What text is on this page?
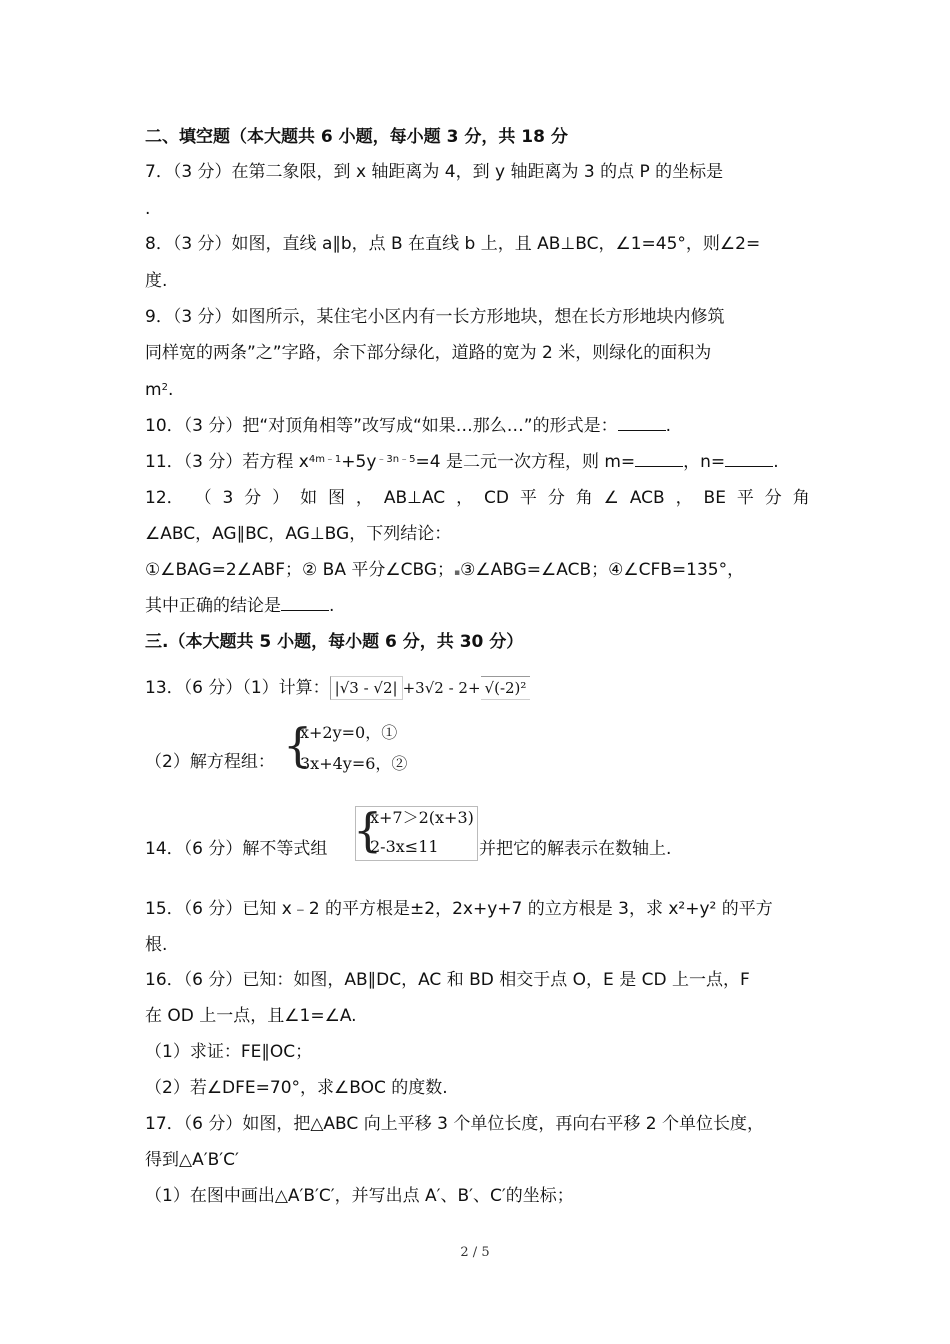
二、填空题（本大题共 6 小题，每小题 3 分，共 18 分
7．（3 分）在第二象限，到 x 轴距离为 4，到 y 轴距离为 3 的点 P 的坐标是
.
8．（3 分）如图，直线 a∥b，点 B 在直线 b 上，且 AB⊥BC，∠1=45°，则∠2=
度.
9．（3 分）如图所示，某住宅小区内有一长方形地块，想在长方形地块内修筑
同样宽的两条”之”字路，余下部分绿化，道路的宽为 2 米，则绿化的面积为
$m^2$.
10．（3 分）把“对顶角相等”改写成“如果…那么…”的形式是：	.
11．（3 分）若方程 $x^{4m﹣1}+5y^{﹣3n﹣5}=4$ 是二元一次方程，则 m=	，n=	.
12． （ 3 分 ） 如 图 ， AB⊥AC ， CD 平 分 角 ∠ ACB ， BE 平 分 角
∠ABC，AG∥BC，AG⊥BG，下列结论：
①∠BAG=2∠ABF；② BA 平分∠CBG；▪③∠ABG=∠ACB；④∠CFB=135°，
其中正确的结论是	.
三.（本大题共 5 小题，每小题 6 分，共 30 分）
13．（6 分）（1）计算： |√3 - √2| +3√2 - 2+ √(-2)²
（2）解方程组： {
x+2y=0，①
3x+4y=6，②
14．（6 分）解不等式组 {
x+7＞2(x+3)
2-3x≤11 并把它的解表示在数轴上.
15．（6 分）已知 x﹣2 的平方根是±2，2x+y+7 的立方根是 3，求 x²+y² 的平方
根.
16．（6 分）已知：如图，AB∥DC，AC 和 BD 相交于点 O，E 是 CD 上一点，F
在 OD 上一点，且∠1=∠A.
（1）求证：FE∥OC；
（2）若∠DFE=70°，求∠BOC 的度数.
17．（6 分）如图，把△ABC 向上平移 3 个单位长度，再向右平移 2 个单位长度，
得到△A′B′C′
（1）在图中画出△A′B′C′，并写出点 A′、B′、C′的坐标；
2 / 5
